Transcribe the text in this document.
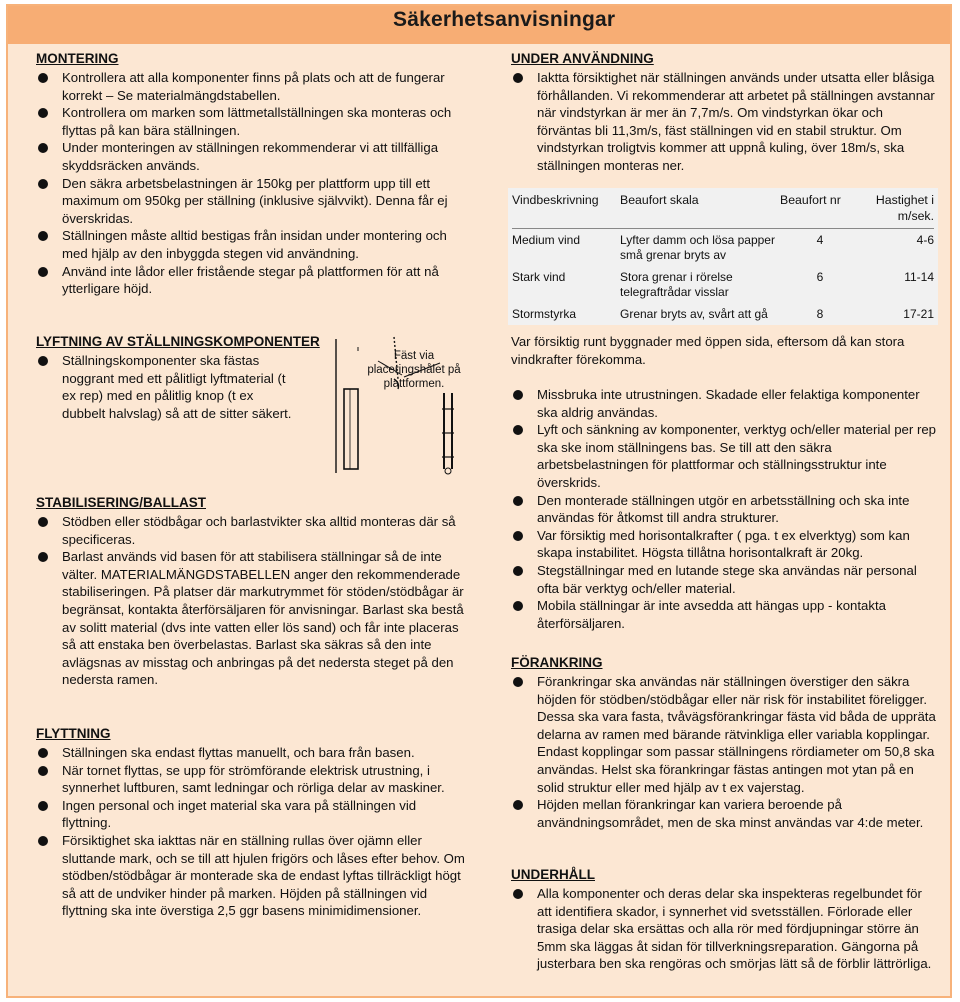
Säkerhetsanvisningar
MONTERING
Kontrollera att alla komponenter finns på plats och att de fungerar korrekt – Se materialmängdstabellen.
Kontrollera om marken som lättmetallställningen ska monteras och flyttas på kan bära ställningen.
Under monteringen av ställningen rekommenderar vi att tillfälliga skyddsräcken används.
Den säkra arbetsbelastningen är 150kg per plattform upp till ett maximum om 950kg per ställning (inklusive självvikt). Denna får ej överskridas.
Ställningen måste alltid bestigas från insidan under montering och med hjälp av den inbyggda stegen vid användning.
Använd inte lådor eller fristående stegar på plattformen för att nå ytterligare höjd.
LYFTNING AV STÄLLNINGSKOMPONENTER
Ställningskomponenter ska fästas noggrant med ett pålitligt lyftmaterial (t ex rep) med en pålitlig knop (t ex dubbelt halvslag) så att de sitter säkert.
Fäst via placeringshålet på plattformen.
STABILISERING/BALLAST
Stödben eller stödbågar och barlastvikter ska alltid monteras där så specificeras.
Barlast används vid basen för att stabilisera ställningar så de inte välter. MATERIALMÄNGDSTABELLEN anger den rekommenderade stabiliseringen. På platser där markutrymmet för stöden/stödbågar är begränsat, kontakta återförsäljaren för anvisningar. Barlast ska bestå av solitt material (dvs inte vatten eller lös sand) och får inte placeras så att enstaka ben överbelastas. Barlast ska säkras så den inte avlägsnas av misstag och anbringas på det nedersta steget på den nedersta ramen.
FLYTTNING
Ställningen ska endast flyttas manuellt, och bara från basen.
När tornet flyttas, se upp för strömförande elektrisk utrustning, i synnerhet luftburen, samt ledningar och rörliga delar av maskiner.
Ingen personal och inget material ska vara på ställningen vid flyttning.
Försiktighet ska iakttas när en ställning rullas över ojämn eller sluttande mark, och se till att hjulen frigörs och låses efter behov. Om stödben/stödbågar är monterade ska de endast lyftas tillräckligt högt så att de undviker hinder på marken. Höjden på ställningen vid flyttning ska inte överstiga 2,5 ggr basens minimidimensioner.
UNDER ANVÄNDNING
Iaktta försiktighet när ställningen används under utsatta eller blåsiga förhållanden. Vi rekommenderar att arbetet på ställningen avstannar när vindstyrkan är mer än 7,7m/s. Om vindstyrkan ökar och förväntas bli 11,3m/s, fäst ställningen vid en stabil struktur. Om vindstyrkan troligtvis kommer att uppnå kuling, över 18m/s, ska ställningen monteras ner.
Vindbeskrivning	Beaufort skala	Beaufort nr	Hastighet i m/sek.
Medium vind	Lyfter damm och lösa papper små grenar bryts av	4	4-6
Stark vind	Stora grenar i rörelse telegraftrådar visslar	6	11-14
Stormstyrka	Grenar bryts av, svårt att gå	8	17-21

Var försiktig runt byggnader med öppen sida, eftersom då kan stora vindkrafter förekomma.

Missbruka inte utrustningen. Skadade eller felaktiga komponenter ska aldrig användas.
Lyft och sänkning av komponenter, verktyg och/eller material per rep ska ske inom ställningens bas. Se till att den säkra arbetsbelastningen för plattformar och ställningsstruktur inte överskrids.
Den monterade ställningen utgör en arbetsställning och ska inte användas för åtkomst till andra strukturer.
Var försiktig med horisontalkrafter ( pga. t ex elverktyg) som kan skapa instabilitet. Högsta tillåtna horisontalkraft är 20kg.
Stegställningar med en lutande stege ska användas när personal ofta bär verktyg och/eller material.
Mobila ställningar är inte avsedda att hängas upp - kontakta återförsäljaren.
FÖRANKRING
Förankringar ska användas när ställningen överstiger den säkra höjden för stödben/stödbågar eller när risk för instabilitet föreligger. Dessa ska vara fasta, tvåvägsförankringar fästa vid båda de uppräta delarna av ramen med bärande rätvinkliga eller variabla kopplingar. Endast kopplingar som passar ställningens rördiameter om 50,8 ska användas. Helst ska förankringar fästas antingen mot ytan på en solid struktur eller med hjälp av t ex vajerstag.
Höjden mellan förankringar kan variera beroende på användningsområdet, men de ska minst användas var 4:de meter.
UNDERHÅLL
Alla komponenter och deras delar ska inspekteras regelbundet för att identifiera skador, i synnerhet vid svetsställen. Förlorade eller trasiga delar ska ersättas och alla rör med fördjupningar större än 5mm ska läggas åt sidan för tillverkningsreparation. Gängorna på justerbara ben ska rengöras och smörjas lätt så de förblir lättrörliga.
